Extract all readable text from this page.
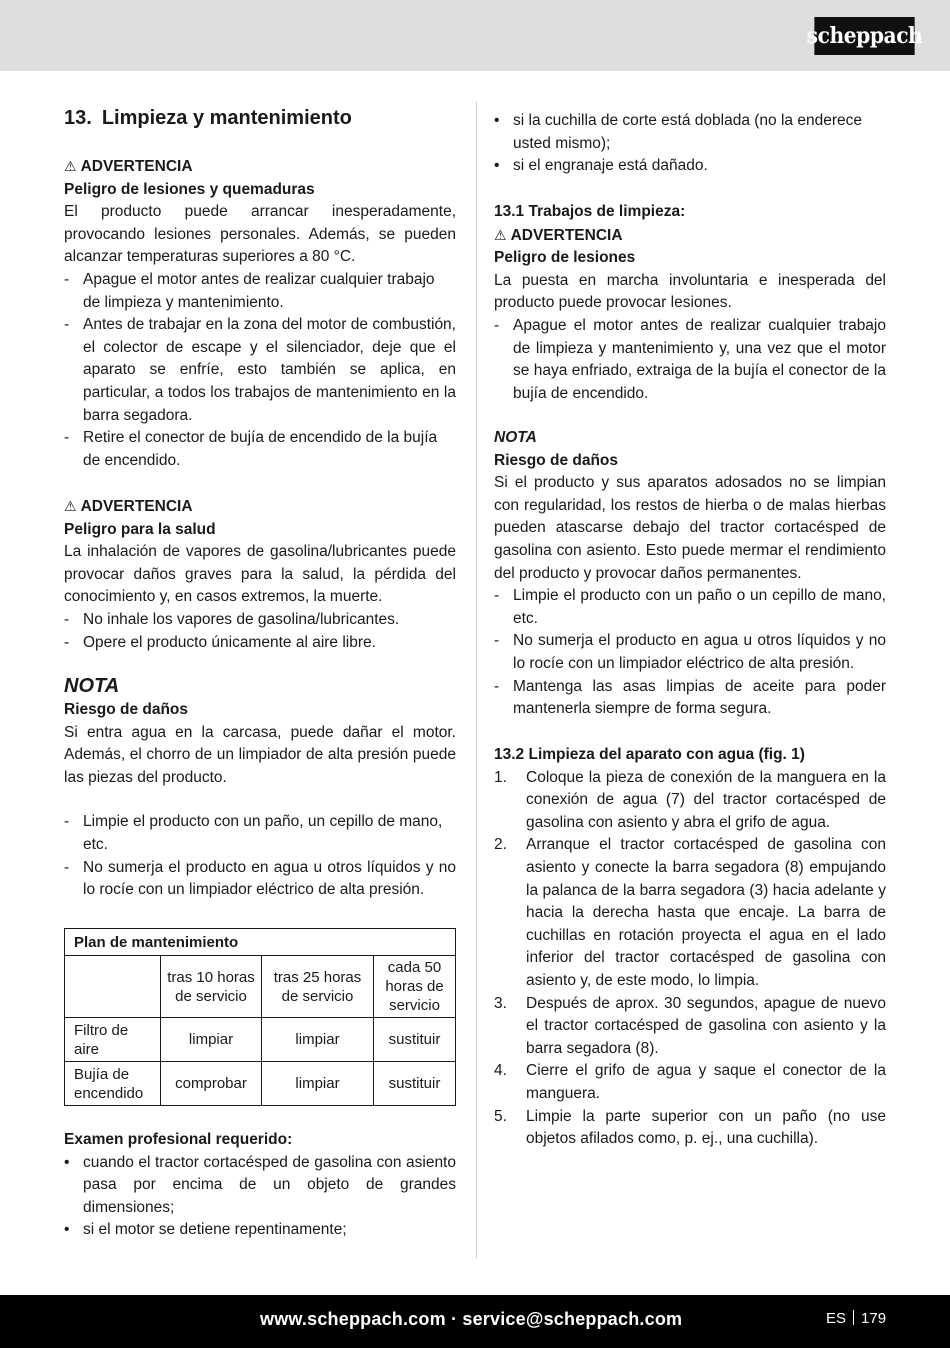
scheppach
13. Limpieza y mantenimiento

⚠ ADVERTENCIA

Peligro de lesiones y quemaduras

El producto puede arrancar inesperadamente, provocando lesiones personales. Además, se pueden alcanzar temperaturas superiores a 80 °C.

- Apague el motor antes de realizar cualquier trabajo de limpieza y mantenimiento.
- Antes de trabajar en la zona del motor de combustión, el colector de escape y el silenciador, deje que el aparato se enfríe, esto también se aplica, en particular, a todos los trabajos de mantenimiento en la barra segadora.
- Retire el conector de bujía de encendido de la bujía de encendido.

⚠ ADVERTENCIA

Peligro para la salud

La inhalación de vapores de gasolina/lubricantes puede provocar daños graves para la salud, la pérdida del conocimiento y, en casos extremos, la muerte.

- No inhale los vapores de gasolina/lubricantes.
- Opere el producto únicamente al aire libre.

NOTA

Riesgo de daños

Si entra agua en la carcasa, puede dañar el motor. Además, el chorro de un limpiador de alta presión puede las piezas del producto.

- Limpie el producto con un paño, un cepillo de mano, etc.
- No sumerja el producto en agua u otros líquidos y no lo rocíe con un limpiador eléctrico de alta presión.
Plan de mantenimiento			
	tras 10 horas de servicio	tras 25 horas de servicio	cada 50 horas de servicio
Filtro de aire	limpiar	limpiar	sustituir
Bujía de encendido	comprobar	limpiar	sustituir

Examen profesional requerido:

• cuando el tractor cortacésped de gasolina con asiento pasa por encima de un objeto de grandes dimensiones;
• si el motor se detiene repentinamente;
• si la cuchilla de corte está doblada (no la enderece usted mismo);
• si el engranaje está dañado.

13.1 Trabajos de limpieza:

⚠ ADVERTENCIA

Peligro de lesiones

La puesta en marcha involuntaria e inesperada del producto puede provocar lesiones.

- Apague el motor antes de realizar cualquier trabajo de limpieza y mantenimiento y, una vez que el motor se haya enfriado, extraiga de la bujía el conector de la bujía de encendido.

NOTA

Riesgo de daños

Si el producto y sus aparatos adosados no se limpian con regularidad, los restos de hierba o de malas hierbas pueden atascarse debajo del tractor cortacésped de gasolina con asiento. Esto puede mermar el rendimiento del producto y provocar daños permanentes.

- Limpie el producto con un paño o un cepillo de mano, etc.
- No sumerja el producto en agua u otros líquidos y no lo rocíe con un limpiador eléctrico de alta presión.
- Mantenga las asas limpias de aceite para poder mantenerla siempre de forma segura.

13.2 Limpieza del aparato con agua (fig. 1)

1. Coloque la pieza de conexión de la manguera en la conexión de agua (7) del tractor cortacésped de gasolina con asiento y abra el grifo de agua.
2. Arranque el tractor cortacésped de gasolina con asiento y conecte la barra segadora (8) empujando la palanca de la barra segadora (3) hacia adelante y hacia la derecha hasta que encaje. La barra de cuchillas en rotación proyecta el agua en el lado inferior del tractor cortacésped de gasolina con asiento y, de este modo, lo limpia.
3. Después de aprox. 30 segundos, apague de nuevo el tractor cortacésped de gasolina con asiento y la barra segadora (8).
4. Cierre el grifo de agua y saque el conector de la manguera.
5. Limpie la parte superior con un paño (no use objetos afilados como, p. ej., una cuchilla).
www.scheppach.com · service@scheppach.com	ES 179
